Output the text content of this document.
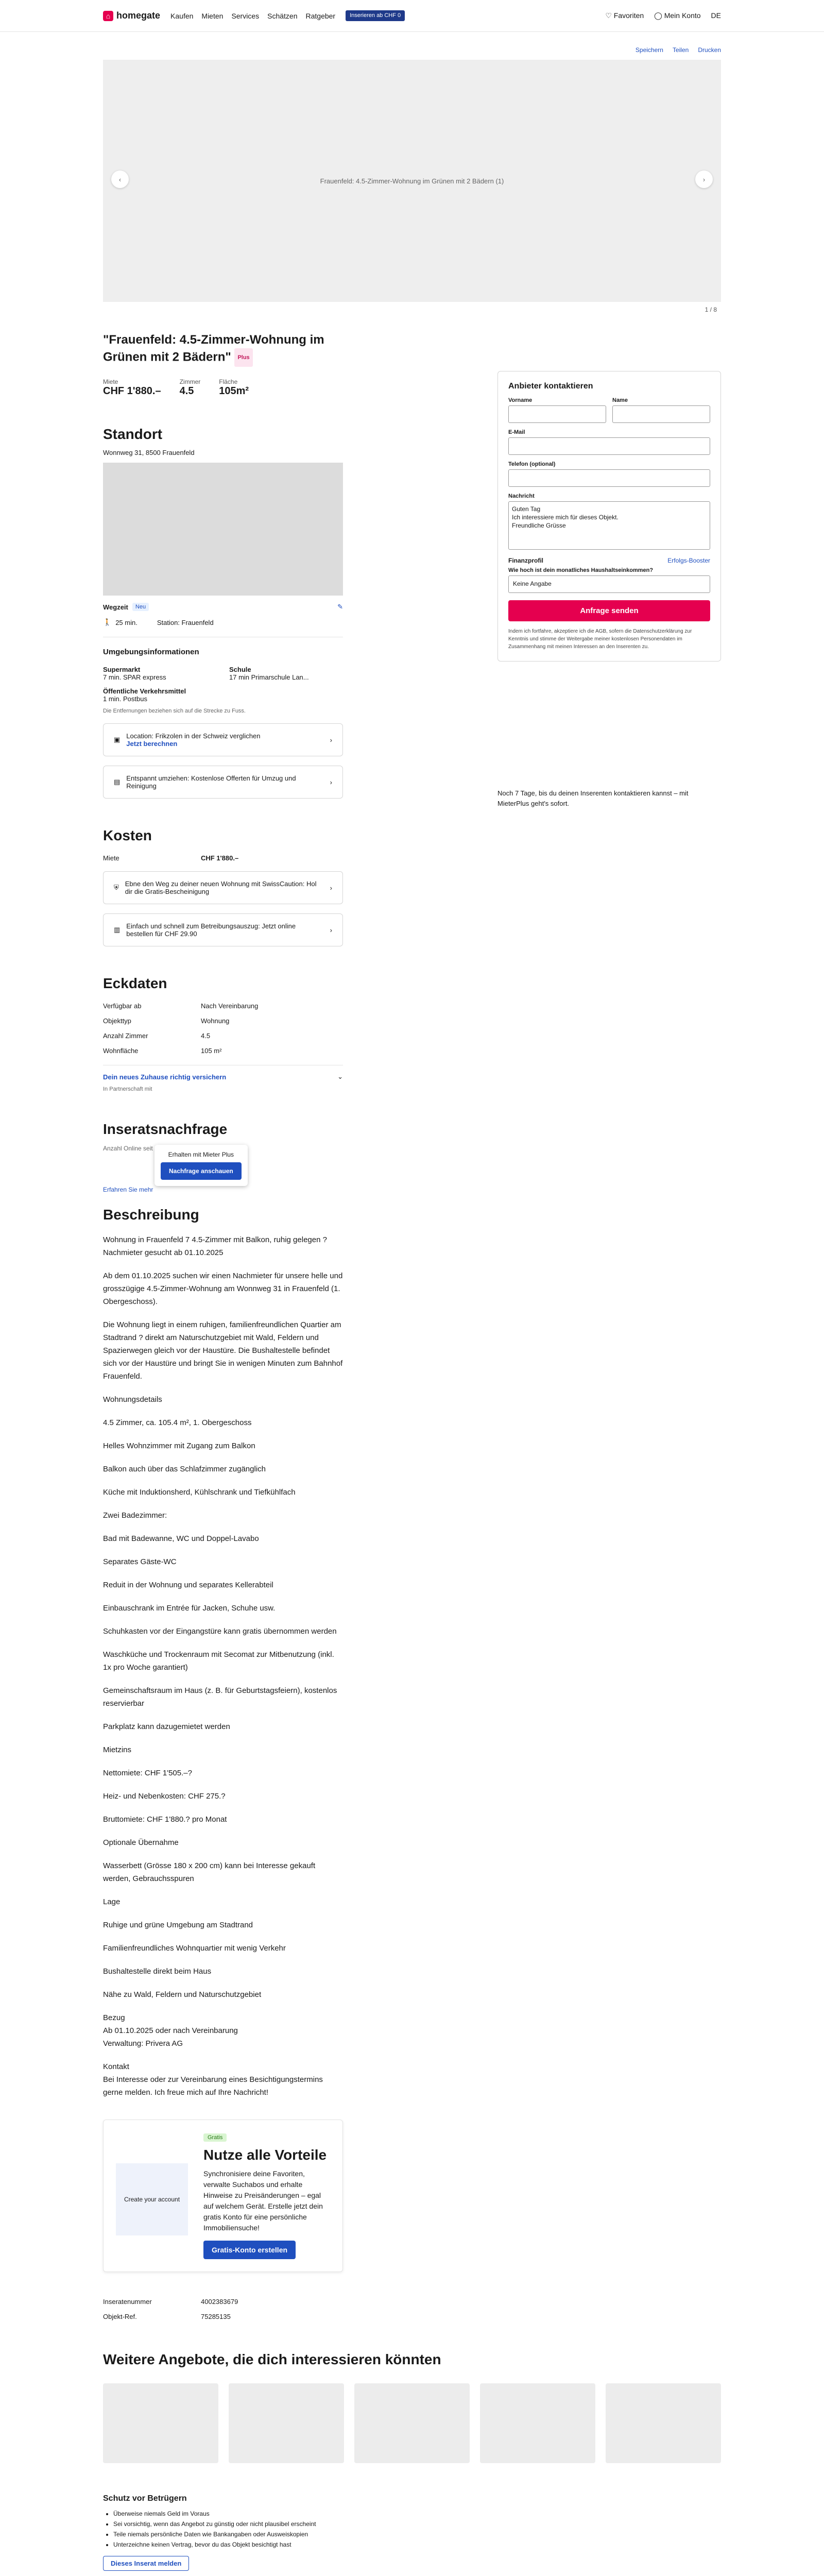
⌂ homegate Kaufen Mieten Services Schätzen Ratgeber	Inserieren ab CHF 0	♡ Favoriten ◯ Mein Konto DE
Speichern Teilen Drucken
Frauenfeld: 4.5-Zimmer-Wohnung im Grünen mit 2 Bädern (1)
‹	›
1 / 8
Anbieter kontaktieren
Vorname	Name
E-Mail
Telefon (optional)
Nachricht
Guten Tag
Ich interessiere mich für dieses Objekt.
Freundliche Grüsse
Finanzprofil	Erfolgs-Booster
Wie hoch ist dein monatliches Haushaltseinkommen?
Keine Angabe
Anfrage senden
Indem ich fortfahre, akzeptiere ich die AGB, sofern die Datenschutzerklärung zur Kenntnis und stimme der Weitergabe meiner kostenlosen Personendaten im Zusammenhang mit meinen Interessen an den Inserenten zu.
Noch 7 Tage, bis du deinen Inserenten kontaktieren kannst – mit MieterPlus geht's sofort.
"Frauenfeld: 4.5-Zimmer-Wohnung im Grünen mit 2 Bädern" Plus
Miete
CHF 1'880.–
Zimmer
4.5
Fläche
105m²
Standort
Wonnweg 31, 8500 Frauenfeld
Wegzeit	Neu	✎
🚶 25 min.	Station: Frauenfeld
Umgebungsinformationen
Supermarkt
7 min. SPAR express
Schule
17 min Primarschule Lan...
Öffentliche Verkehrsmittel
1 min. Postbus
Die Entfernungen beziehen sich auf die Strecke zu Fuss.
▣ Location: Frikzolen in der Schweiz verglichen
Jetzt berechnen	›
▤ Entspannt umziehen: Kostenlose Offerten für Umzug und Reinigung	›
Kosten
Miete	CHF 1'880.–
⛨ Ebne den Weg zu deiner neuen Wohnung mit SwissCaution: Hol dir die Gratis-Bescheinigung	›
▥ Einfach und schnell zum Betreibungsauszug: Jetzt online bestellen für CHF 29.90	›
Eckdaten
Verfügbar ab	Nach Vereinbarung
Objekttyp	Wohnung
Anzahl Zimmer	4.5
Wohnfläche	105 m²
Dein neues Zuhause richtig versichern	⌄
In Partnerschaft mit
Inseratsnachfrage
Anzahl Online seit
Erhalten mit Mieter Plus
Nachfrage anschauen
Erfahren Sie mehr
Beschreibung

Wohnung in Frauenfeld 7 4.5-Zimmer mit Balkon, ruhig gelegen ? Nachmieter gesucht ab 01.10.2025

Ab dem 01.10.2025 suchen wir einen Nachmieter für unsere helle und grosszügige 4.5-Zimmer-Wohnung am Wonnweg 31 in Frauenfeld (1. Obergeschoss).

Die Wohnung liegt in einem ruhigen, familienfreundlichen Quartier am Stadtrand ? direkt am Naturschutzgebiet mit Wald, Feldern und Spazierwegen gleich vor der Haustüre. Die Bushaltestelle befindet sich vor der Haustüre und bringt Sie in wenigen Minuten zum Bahnhof Frauenfeld.

Wohnungsdetails

4.5 Zimmer, ca. 105.4 m², 1. Obergeschoss

Helles Wohnzimmer mit Zugang zum Balkon

Balkon auch über das Schlafzimmer zugänglich

Küche mit Induktionsherd, Kühlschrank und Tiefkühlfach

Zwei Badezimmer:

Bad mit Badewanne, WC und Doppel-Lavabo

Separates Gäste-WC

Reduit in der Wohnung und separates Kellerabteil

Einbauschrank im Entrée für Jacken, Schuhe usw.

Schuhkasten vor der Eingangstüre kann gratis übernommen werden

Waschküche und Trockenraum mit Secomat zur Mitbenutzung (inkl. 1x pro Woche garantiert)

Gemeinschaftsraum im Haus (z. B. für Geburtstagsfeiern), kostenlos reservierbar

Parkplatz kann dazugemietet werden

Mietzins

Nettomiete: CHF 1'505.–?

Heiz- und Nebenkosten: CHF 275.?

Bruttomiete: CHF 1'880.? pro Monat

Optionale Übernahme

Wasserbett (Grösse 180 x 200 cm) kann bei Interesse gekauft werden, Gebrauchsspuren

Lage

Ruhige und grüne Umgebung am Stadtrand

Familienfreundliches Wohnquartier mit wenig Verkehr

Bushaltestelle direkt beim Haus

Nähe zu Wald, Feldern und Naturschutzgebiet

Bezug
Ab 01.10.2025 oder nach Vereinbarung
Verwaltung: Privera AG

Kontakt
Bei Interesse oder zur Vereinbarung eines Besichtigungstermins gerne melden. Ich freue mich auf Ihre Nachricht!

Create your account
Gratis
Nutze alle Vorteile

Synchronisiere deine Favoriten, verwalte Suchabos und erhalte Hinweise zu Preisänderungen – egal auf welchem Gerät. Erstelle jetzt dein gratis Konto für eine persönliche Immobiliensuche!

Gratis-Konto erstellen
Inseratenummer	4002383679
Objekt-Ref.	75285135
Weitere Angebote, die dich interessieren könnten
Schutz vor Betrügern
• Überweise niemals Geld im Voraus
• Sei vorsichtig, wenn das Angebot zu günstig oder nicht plausibel erscheint
• Teile niemals persönliche Daten wie Bankangaben oder Ausweiskopien
• Unterzeichne keinen Vertrag, bevor du das Objekt besichtigt hast
Dieses Inserat melden
